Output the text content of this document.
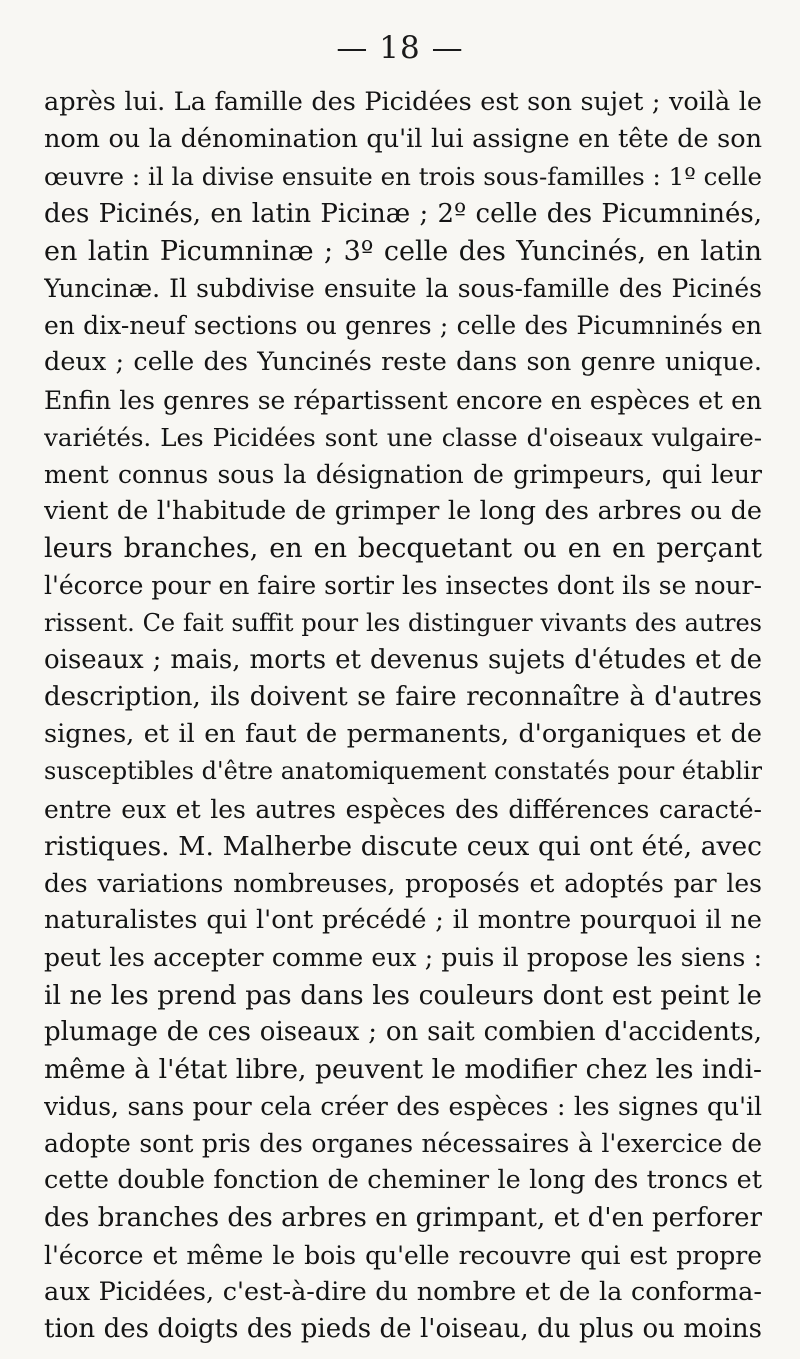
— 18 —
après lui. La famille des Picidées est son sujet ; voilà le
nom ou la dénomination qu'il lui assigne en tête de son
œuvre : il la divise ensuite en trois sous-familles : 1º celle
des Picinés, en latin Picinæ ; 2º celle des Picumninés,
en latin Picumninæ ; 3º celle des Yuncinés, en latin
Yuncinæ. Il subdivise ensuite la sous-famille des Picinés
en dix-neuf sections ou genres ; celle des Picumninés en
deux ; celle des Yuncinés reste dans son genre unique.
Enfin les genres se répartissent encore en espèces et en
variétés. Les Picidées sont une classe d'oiseaux vulgaire-
ment connus sous la désignation de grimpeurs, qui leur
vient de l'habitude de grimper le long des arbres ou de
leurs branches, en en becquetant ou en en perçant
l'écorce pour en faire sortir les insectes dont ils se nour-
rissent. Ce fait suffit pour les distinguer vivants des autres
oiseaux ; mais, morts et devenus sujets d'études et de
description, ils doivent se faire reconnaître à d'autres
signes, et il en faut de permanents, d'organiques et de
susceptibles d'être anatomiquement constatés pour établir
entre eux et les autres espèces des différences caracté-
ristiques. M. Malherbe discute ceux qui ont été, avec
des variations nombreuses, proposés et adoptés par les
naturalistes qui l'ont précédé ; il montre pourquoi il ne
peut les accepter comme eux ; puis il propose les siens :
il ne les prend pas dans les couleurs dont est peint le
plumage de ces oiseaux ; on sait combien d'accidents,
même à l'état libre, peuvent le modifier chez les indi-
vidus, sans pour cela créer des espèces : les signes qu'il
adopte sont pris des organes nécessaires à l'exercice de
cette double fonction de cheminer le long des troncs et
des branches des arbres en grimpant, et d'en perforer
l'écorce et même le bois qu'elle recouvre qui est propre
aux Picidées, c'est-à-dire du nombre et de la conforma-
tion des doigts des pieds de l'oiseau, du plus ou moins
